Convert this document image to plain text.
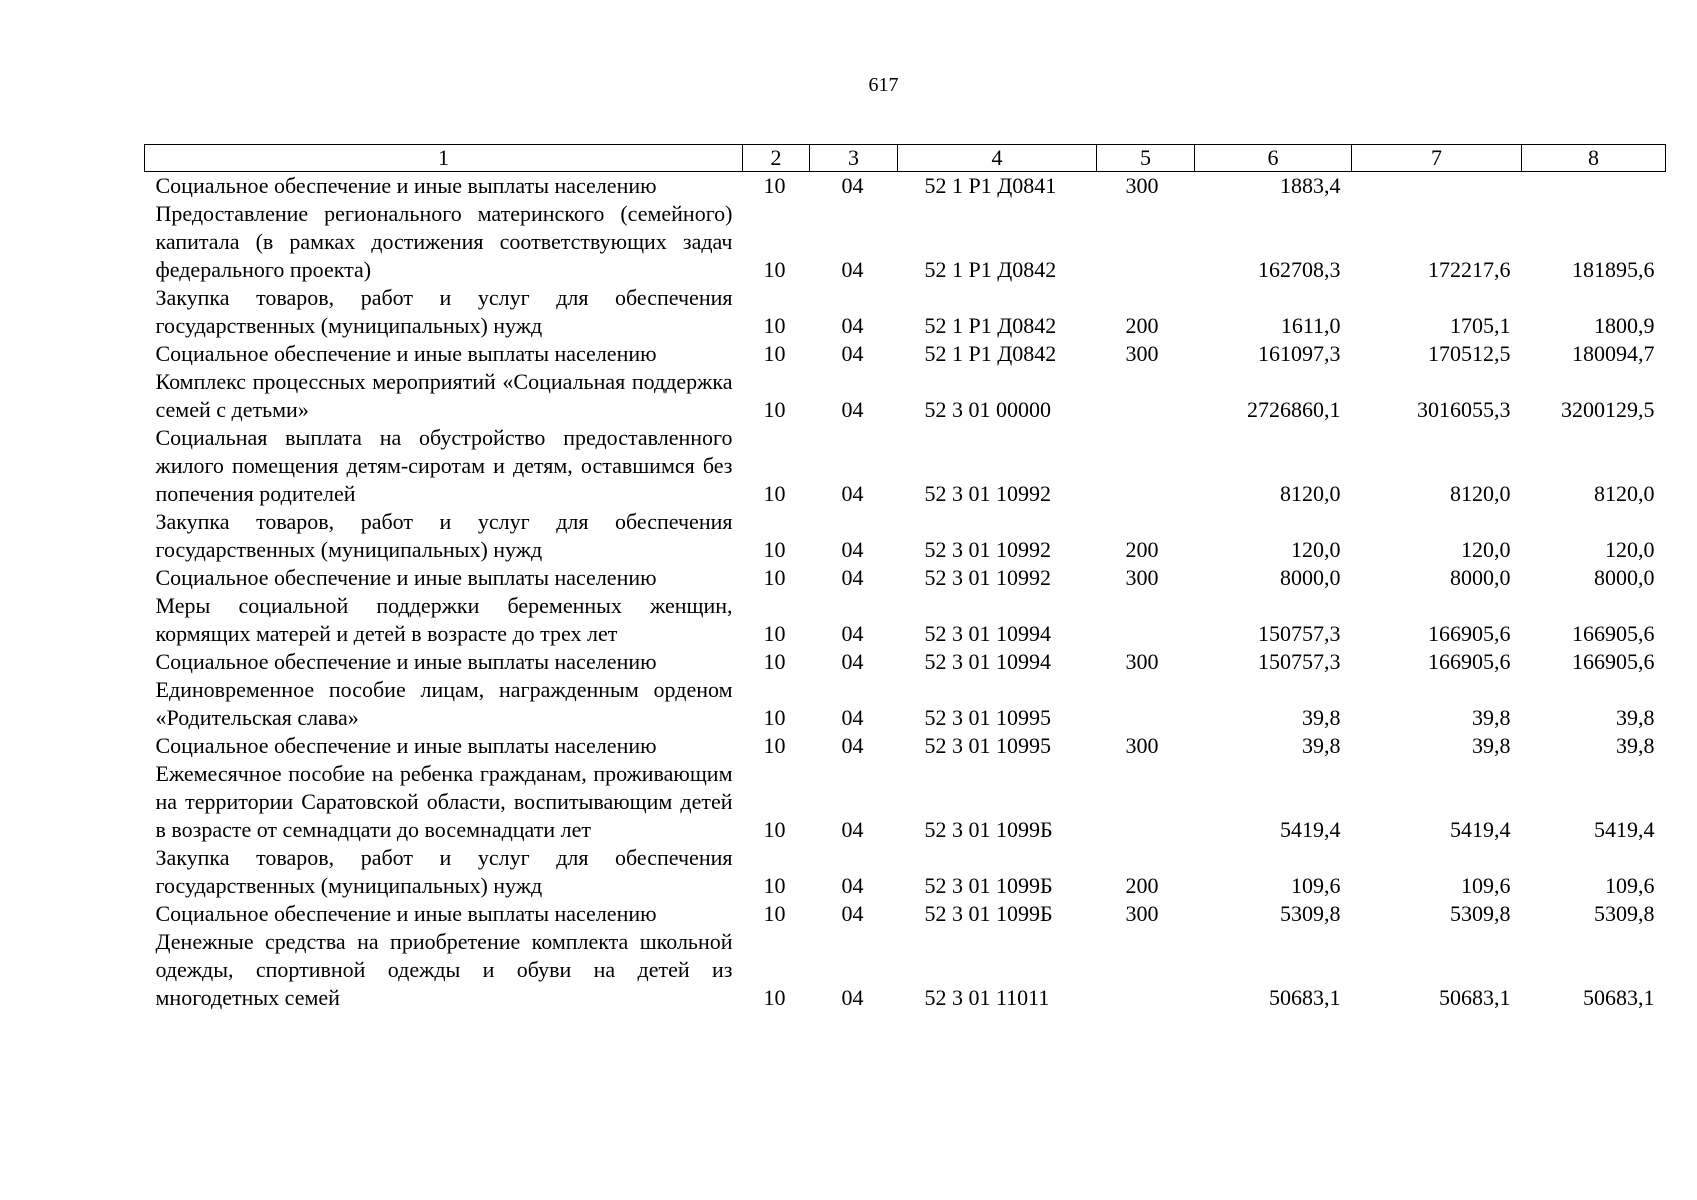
617
1	2	3	4	5	6	7	8
Социальное обеспечение и иные выплаты населению	10	04	52 1 Р1 Д0841	300	1883,4		
Предоставление регионального материнского (семейного) капитала (в рамках достижения соответствующих задач федерального проекта)	10	04	52 1 Р1 Д0842		162708,3	172217,6	181895,6
Закупка товаров, работ и услуг для обеспечения государственных (муниципальных) нужд	10	04	52 1 Р1 Д0842	200	1611,0	1705,1	1800,9
Социальное обеспечение и иные выплаты населению	10	04	52 1 Р1 Д0842	300	161097,3	170512,5	180094,7
Комплекс процессных мероприятий «Социальная поддержка семей с детьми»	10	04	52 3 01 00000		2726860,1	3016055,3	3200129,5
Социальная выплата на обустройство предоставленного жилого помещения детям-сиротам и детям, оставшимся без попечения родителей	10	04	52 3 01 10992		8120,0	8120,0	8120,0
Закупка товаров, работ и услуг для обеспечения государственных (муниципальных) нужд	10	04	52 3 01 10992	200	120,0	120,0	120,0
Социальное обеспечение и иные выплаты населению	10	04	52 3 01 10992	300	8000,0	8000,0	8000,0
Меры социальной поддержки беременных женщин, кормящих матерей и детей в возрасте до трех лет	10	04	52 3 01 10994		150757,3	166905,6	166905,6
Социальное обеспечение и иные выплаты населению	10	04	52 3 01 10994	300	150757,3	166905,6	166905,6
Единовременное пособие лицам, награжденным орденом «Родительская слава»	10	04	52 3 01 10995		39,8	39,8	39,8
Социальное обеспечение и иные выплаты населению	10	04	52 3 01 10995	300	39,8	39,8	39,8
Ежемесячное пособие на ребенка гражданам, проживающим на территории Саратовской области, воспитывающим детей в возрасте от семнадцати до восемнадцати лет	10	04	52 3 01 1099Б		5419,4	5419,4	5419,4
Закупка товаров, работ и услуг для обеспечения государственных (муниципальных) нужд	10	04	52 3 01 1099Б	200	109,6	109,6	109,6
Социальное обеспечение и иные выплаты населению	10	04	52 3 01 1099Б	300	5309,8	5309,8	5309,8
Денежные средства на приобретение комплекта школьной одежды, спортивной одежды и обуви на детей из многодетных семей	10	04	52 3 01 11011		50683,1	50683,1	50683,1
